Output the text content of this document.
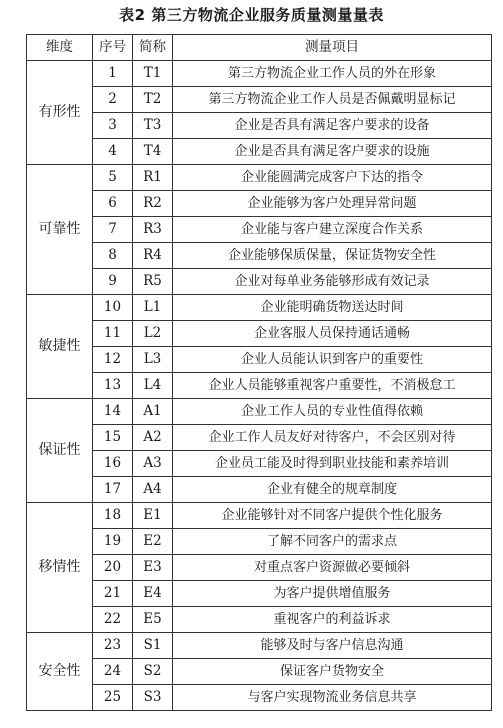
表2 第三方物流企业服务质量测量量表
维度	序号	简称	测量项目
有形性	1	T1	第三方物流企业工作人员的外在形象
	2	T2	第三方物流企业工作人员是否佩戴明显标记
	3	T3	企业是否具有满足客户要求的设备
	4	T4	企业是否具有满足客户要求的设施
可靠性	5	R1	企业能圆满完成客户下达的指令
	6	R2	企业能够为客户处理异常问题
	7	R3	企业能与客户建立深度合作关系
	8	R4	企业能够保质保量，保证货物安全性
	9	R5	企业对每单业务能够形成有效记录
敏捷性	10	L1	企业能明确货物送达时间
	11	L2	企业客服人员保持通话通畅
	12	L3	企业人员能认识到客户的重要性
	13	L4	企业人员能够重视客户重要性，不消极怠工
保证性	14	A1	企业工作人员的专业性值得依赖
	15	A2	企业工作人员友好对待客户，不会区别对待
	16	A3	企业员工能及时得到职业技能和素养培训
	17	A4	企业有健全的规章制度
移情性	18	E1	企业能够针对不同客户提供个性化服务
	19	E2	了解不同客户的需求点
	20	E3	对重点客户资源做必要倾斜
	21	E4	为客户提供增值服务
	22	E5	重视客户的利益诉求
安全性	23	S1	能够及时与客户信息沟通
	24	S2	保证客户货物安全
	25	S3	与客户实现物流业务信息共享
